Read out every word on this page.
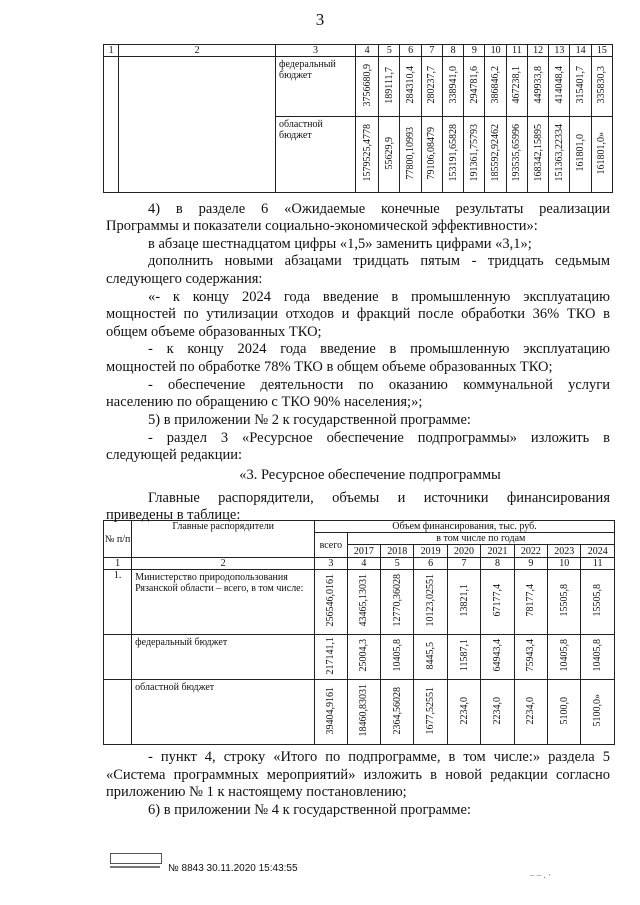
3
1	2	3	4	5	6	7	8	9	10	11	12	13	14	15
		федеральный бюджет	3756680,9	189111,7	284310,4	280237,7	338941,0	294781,6	386846,2	467238,1	449933,8	414048,4	315401,7	335830,3
		областной бюджет	1579525,4778	55629,9	77800,10993	79106,08479	153191,65828	191361,75793	185592,92462	193535,65996	168342,15895	151363,22334	161801,0	161801,0»
4) в разделе 6 «Ожидаемые конечные результаты реализации
Программы и показатели социально-экономической эффективности»:
в абзаце шестнадцатом цифры «1,5» заменить цифрами «3,1»;
дополнить новыми абзацами тридцать пятым - тридцать седьмым
следующего содержания:
«- к концу 2024 года введение в промышленную эксплуатацию
мощностей по утилизации отходов и фракций после обработки 36% ТКО в
общем объеме образованных ТКО;
- к концу 2024 года введение в промышленную эксплуатацию
мощностей по обработке 78% ТКО в общем объеме образованных ТКО;
- обеспечение деятельности по оказанию коммунальной услуги
населению по обращению с ТКО 90% населения;»;
5) в приложении № 2 к государственной программе:
- раздел 3 «Ресурсное обеспечение подпрограммы» изложить в
следующей редакции:
«3. Ресурсное обеспечение подпрограммы
Главные распорядители, объемы и источники финансирования
приведены в таблице:
№ п/п	Главные распорядители	Объем финансирования, тыс. руб.								
		всего	в том числе по годам							
			2017	2018	2019	2020	2021	2022	2023	2024
1	2	3	4	5	6	7	8	9	10	11
1.	Министерство природопользования Рязанской области – всего, в том числе:	256546,0161	43465,13031	12770,36028	10123,02551	13821,1	67177,4	78177,4	15505,8	15505,8
	федеральный бюджет	217141,1	25004,3	10405,8	8445,5	11587,1	64943,4	75943,4	10405,8	10405,8
	областной бюджет	39404,9161	18460,83031	2364,56028	1677,52551	2234,0	2234,0	2234,0	5100,0	5100,0»
- пункт 4, строку «Итого по подпрограмме, в том числе:» раздела 5
«Система программных мероприятий» изложить в новой редакции согласно
приложению № 1 к настоящему постановлению;
6) в приложении № 4 к государственной программе:
№ 8843 30.11.2020 15:43:55
– – . ·
